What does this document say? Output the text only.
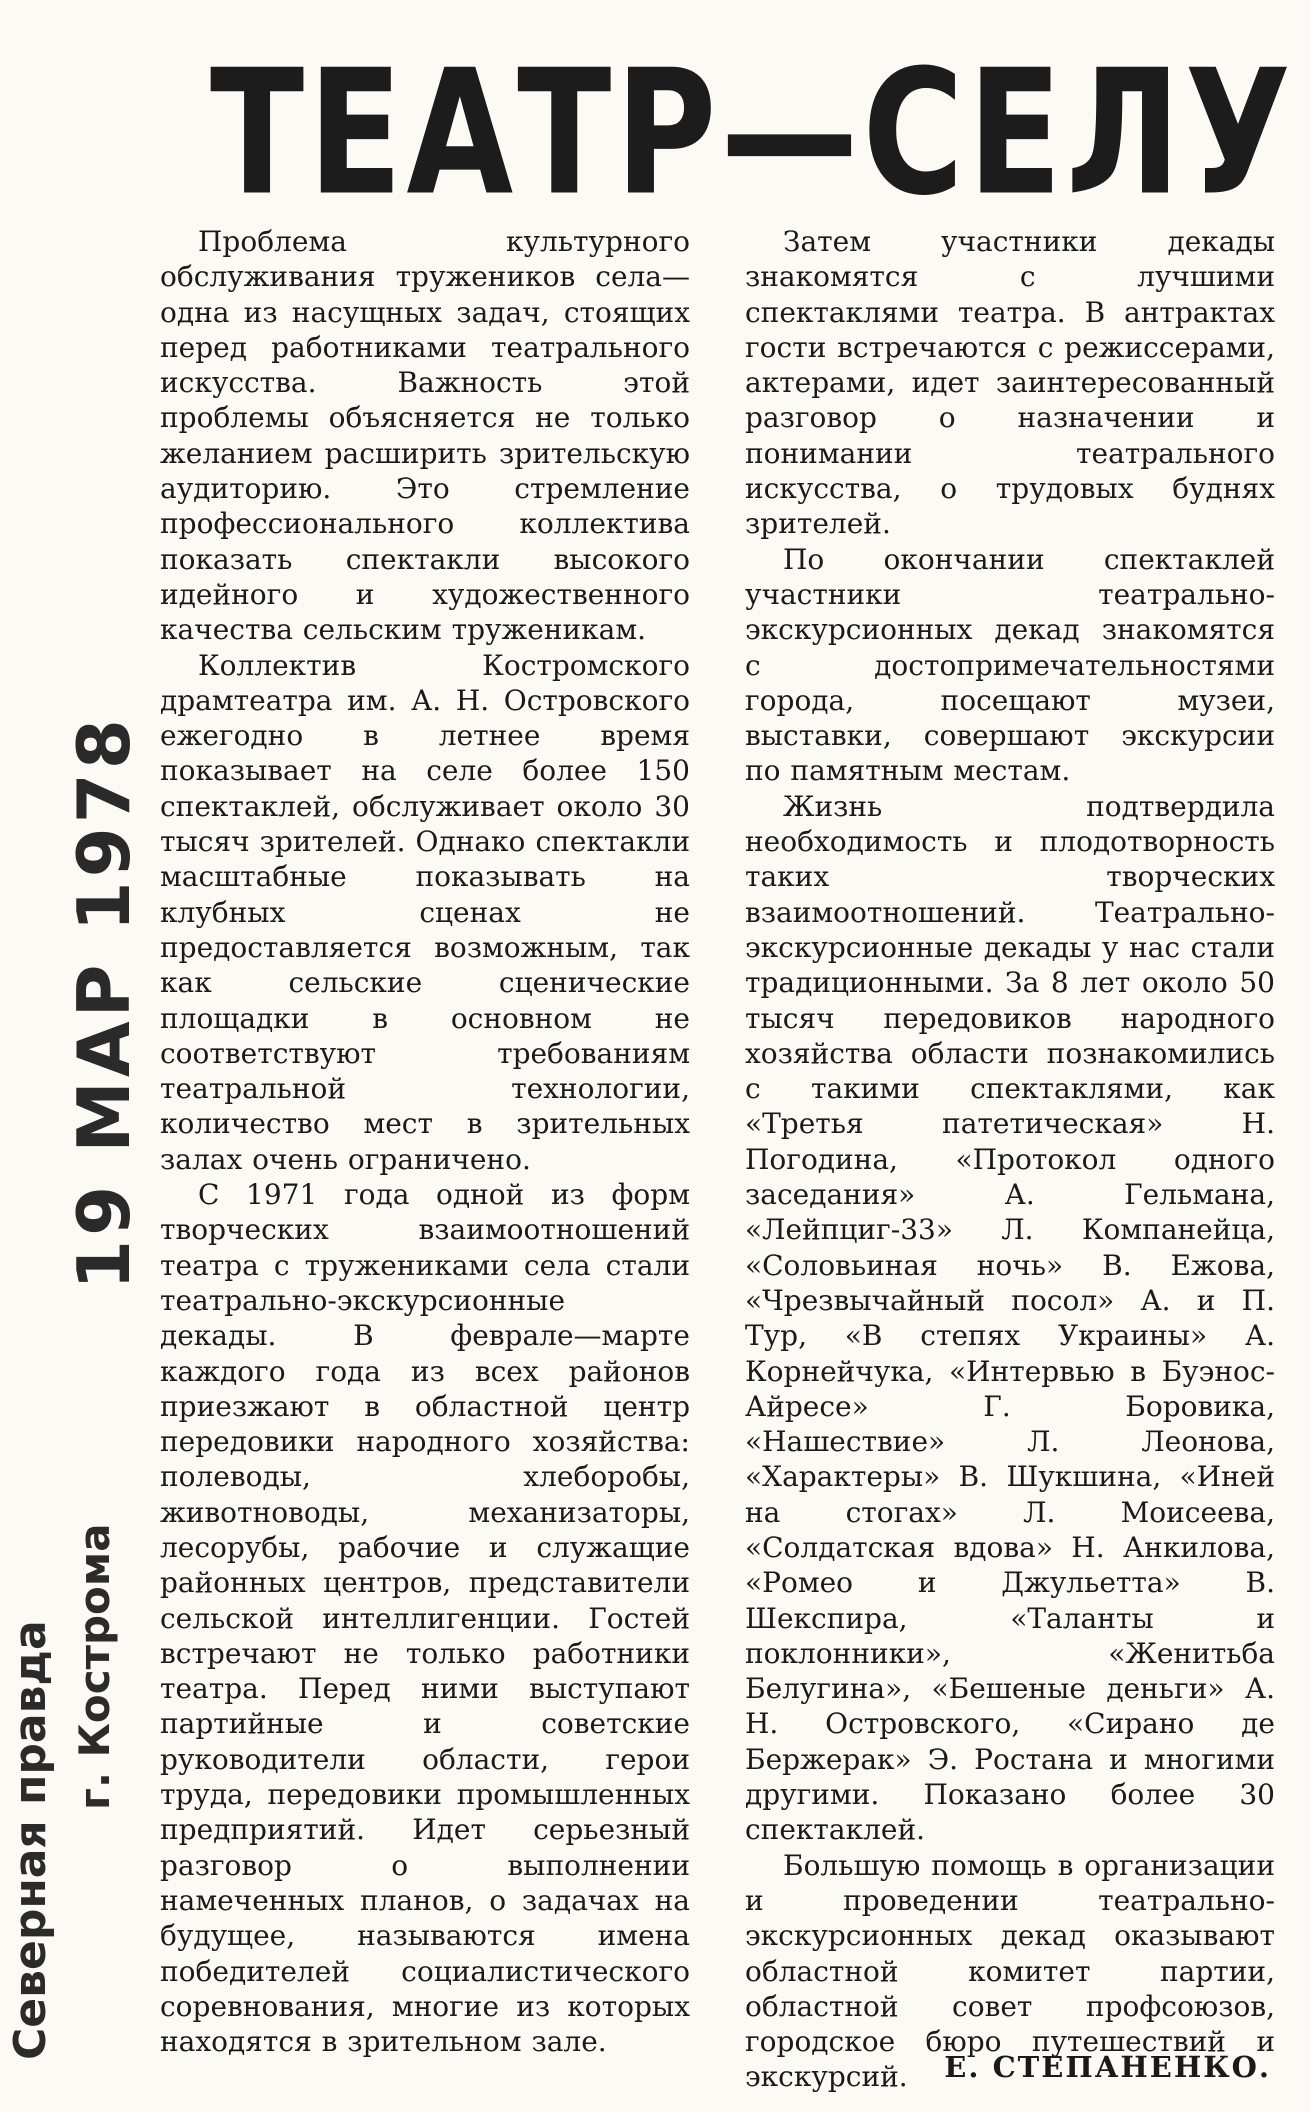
ТЕАТР—СЕЛУ
19 МАР 1978
Северная правда г. Кострома

Проблема культурного обслуживания тружеников села— одна из насущных задач, стоящих перед работниками театрального искусства. Важность этой проблемы объясняется не только желанием расширить зрительскую аудиторию. Это стремление профессионального коллектива показать спектакли высокого идейного и художественного качества сельским труженикам.

Коллектив Костромского драмтеатра им. А. Н. Островского ежегодно в летнее время показывает на селе более 150 спектаклей, обслуживает около 30 тысяч зрителей. Однако спектакли масштабные показывать на клубных сценах не предоставляется возможным, так как сельские сценические площадки в основном не соответствуют требованиям театральной технологии, количество мест в зрительных залах очень ограничено.

С 1971 года одной из форм творческих взаимоотношений театра с тружениками села стали театрально-экскурсионные декады. В феврале—марте каждого года из всех районов приезжают в областной центр передовики народного хозяйства: полеводы, хлеборобы, животноводы, механизаторы, лесорубы, рабочие и служащие районных центров, представители сельской интеллигенции. Гостей встречают не только работники театра. Перед ними выступают партийные и советские руководители области, герои труда, передовики промышленных предприятий. Идет серьезный разговор о выполнении намеченных планов, о задачах на будущее, называются имена победителей социалистического соревнования, многие из которых находятся в зрительном зале.

Затем участники декады знакомятся с лучшими спектаклями театра. В антрактах гости встречаются с режиссерами, актерами, идет заинтересованный разговор о назначении и понимании театрального искусства, о трудовых буднях зрителей.

По окончании спектаклей участники театрально-экскурсионных декад знакомятся с достопримечательностями города, посещают музеи, выставки, совершают экскурсии по памятным местам.

Жизнь подтвердила необходимость и плодотворность таких творческих взаимоотношений. Театрально-экскурсионные декады у нас стали традиционными. За 8 лет около 50 тысяч передовиков народного хозяйства области познакомились с такими спектаклями, как «Третья патетическая» Н. Погодина, «Протокол одного заседания» А. Гельмана, «Лейпциг-33» Л. Компанейца, «Соловьиная ночь» В. Ежова, «Чрезвычайный посол» А. и П. Тур, «В степях Украины» А. Корнейчука, «Интервью в Буэнос-Айресе» Г. Боровика, «Нашествие» Л. Леонова, «Характеры» В. Шукшина, «Иней на стогах» Л. Моисеева, «Солдатская вдова» Н. Анкилова, «Ромео и Джульетта» В. Шекспира, «Таланты и поклонники», «Женитьба Белугина», «Бешеные деньги» А. Н. Островского, «Сирано де Бержерак» Э. Ростана и многими другими. Показано более 30 спектаклей.

Большую помощь в организации и проведении театрально-экскурсионных декад оказывают областной комитет партии, областной совет профсоюзов, городское бюро путешествий и экскурсий.	Е. СТЕПАНЕНКО.
